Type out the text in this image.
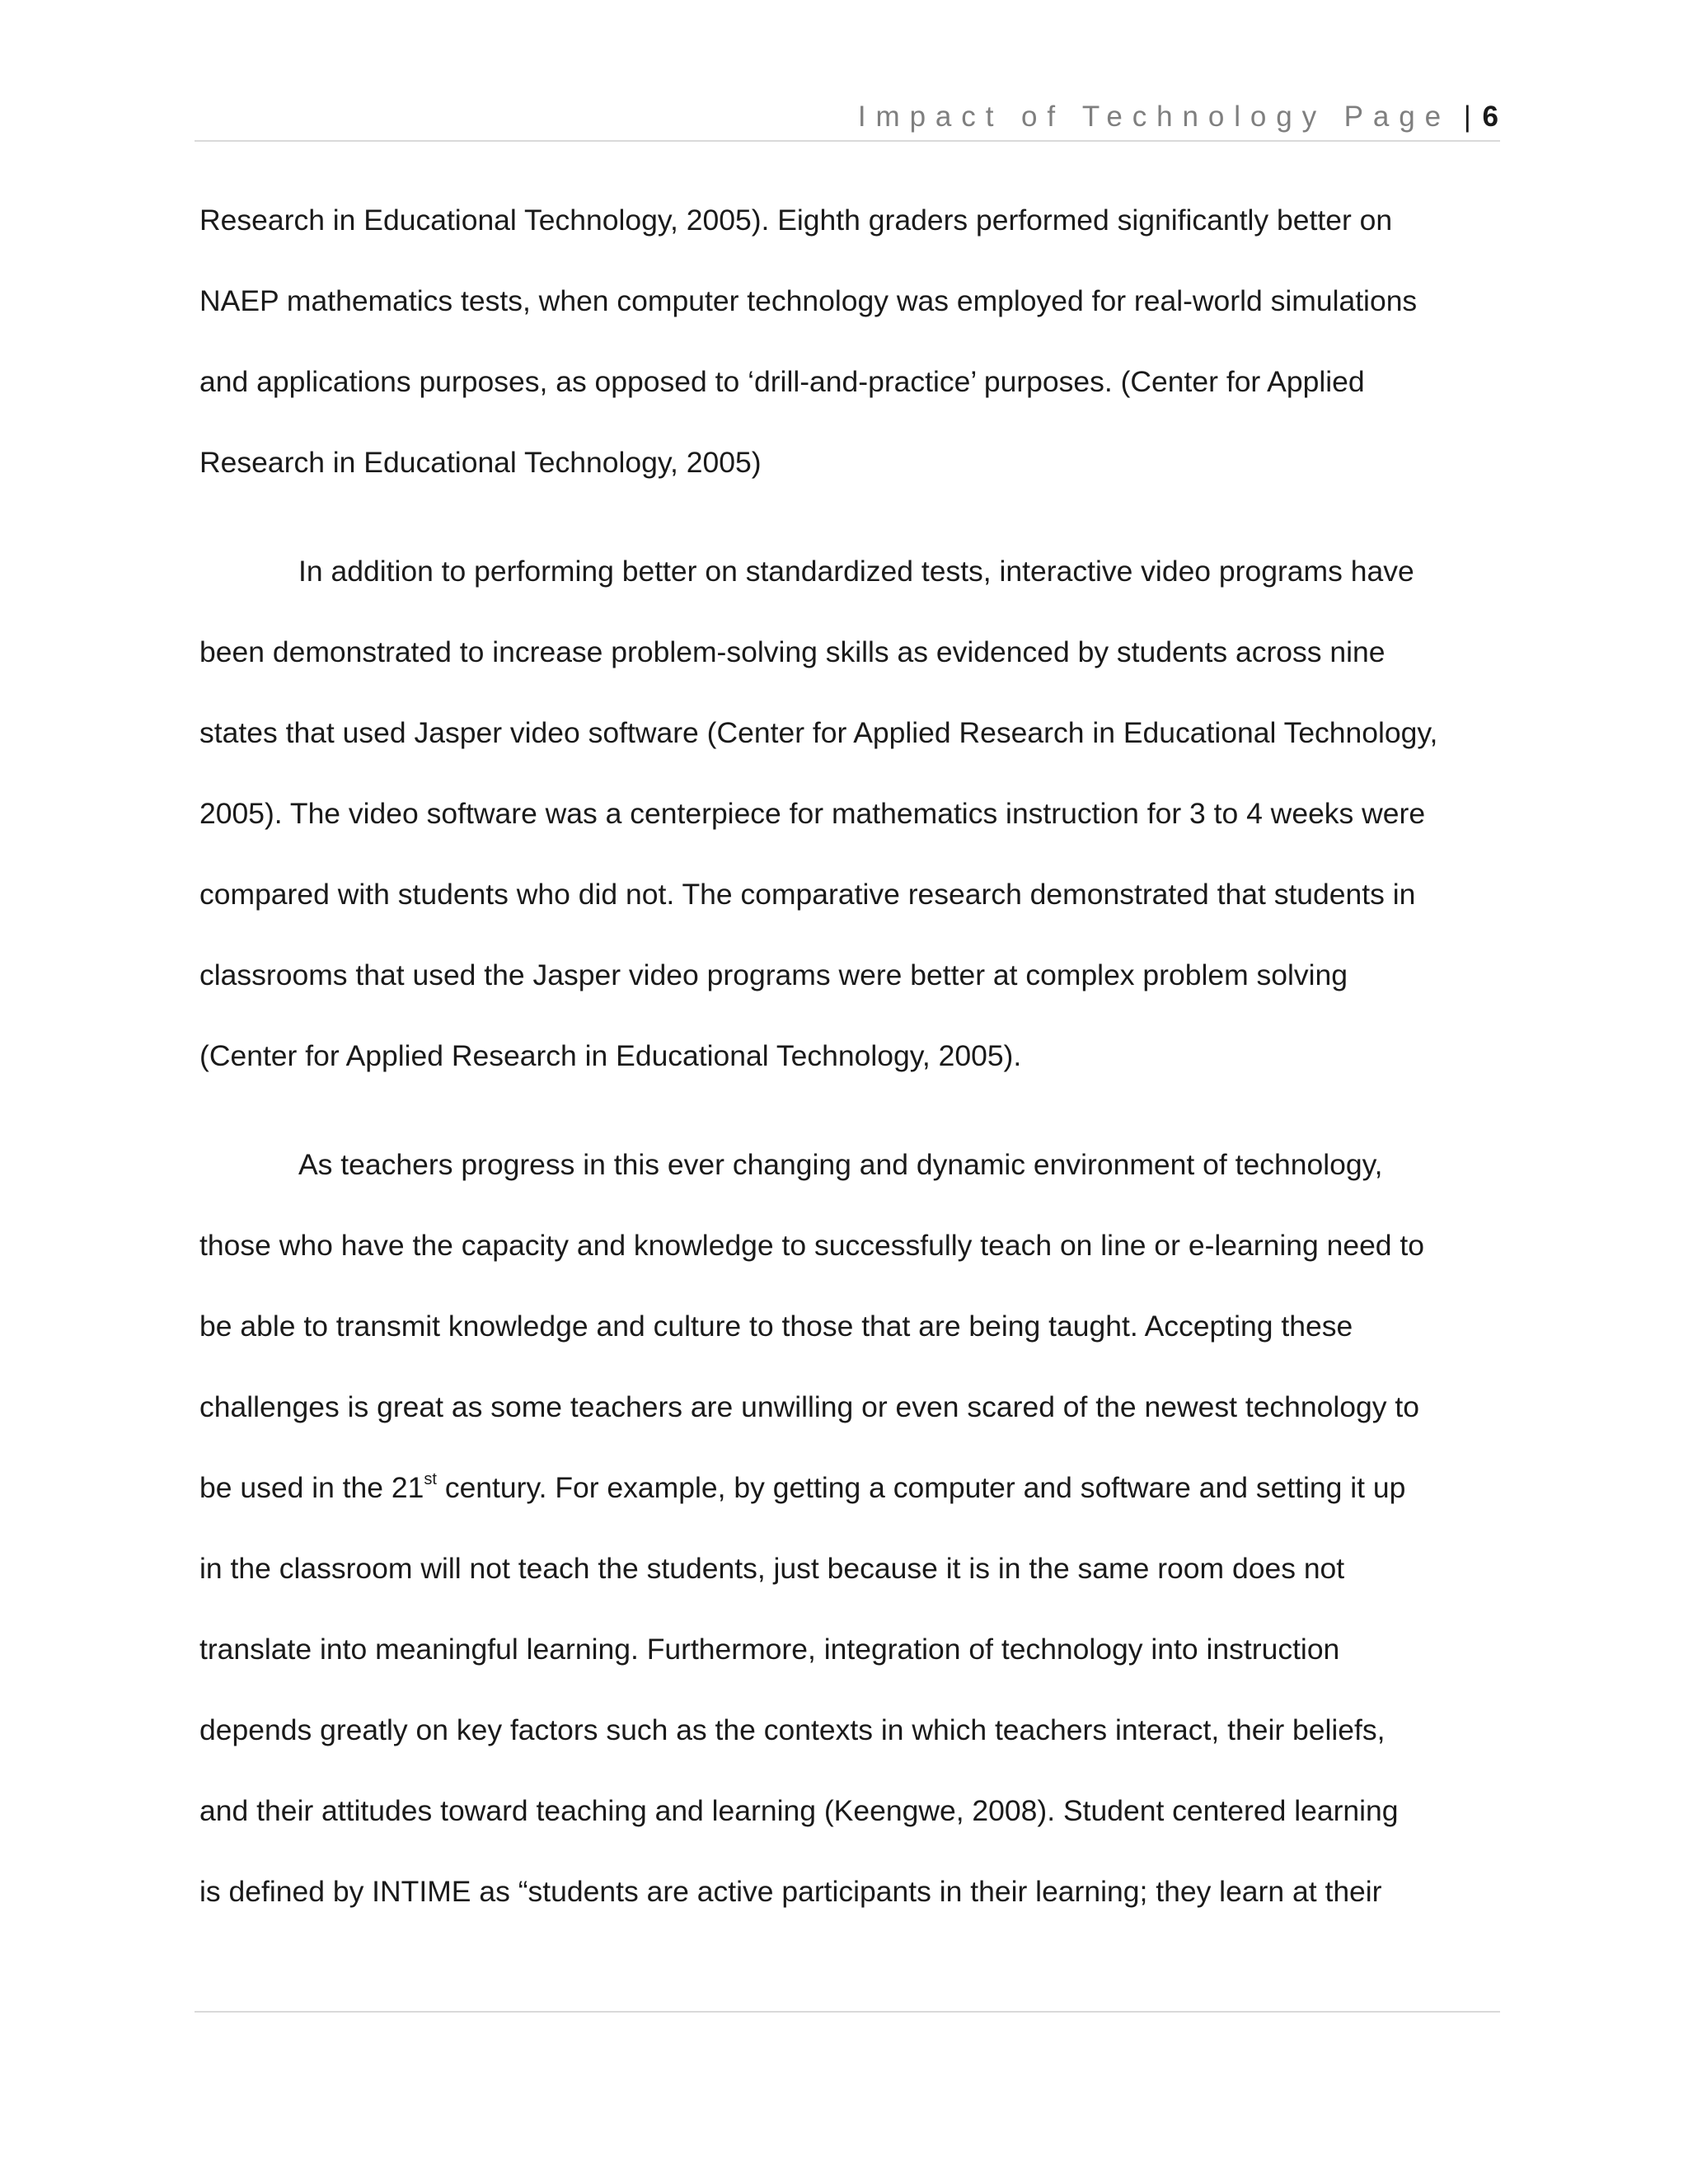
Impact of Technology Page | 6
Research in Educational Technology, 2005). Eighth graders performed significantly better on
NAEP mathematics tests, when computer technology was employed for real-world simulations
and applications purposes, as opposed to ‘drill-and-practice’ purposes. (Center for Applied
Research in Educational Technology, 2005)
In addition to performing better on standardized tests, interactive video programs have
been demonstrated to increase problem-solving skills as evidenced by students across nine
states that used Jasper video software (Center for Applied Research in Educational Technology,
2005). The video software was a centerpiece for mathematics instruction for 3 to 4 weeks were
compared with students who did not. The comparative research demonstrated that students in
classrooms that used the Jasper video programs were better at complex problem solving
(Center for Applied Research in Educational Technology, 2005).
As teachers progress in this ever changing and dynamic environment of technology,
those who have the capacity and knowledge to successfully teach on line or e-learning need to
be able to transmit knowledge and culture to those that are being taught. Accepting these
challenges is great as some teachers are unwilling or even scared of the newest technology to
be used in the 21st century. For example, by getting a computer and software and setting it up
in the classroom will not teach the students, just because it is in the same room does not
translate into meaningful learning. Furthermore, integration of technology into instruction
depends greatly on key factors such as the contexts in which teachers interact, their beliefs,
and their attitudes toward teaching and learning (Keengwe, 2008). Student centered learning
is defined by INTIME as “students are active participants in their learning; they learn at their
